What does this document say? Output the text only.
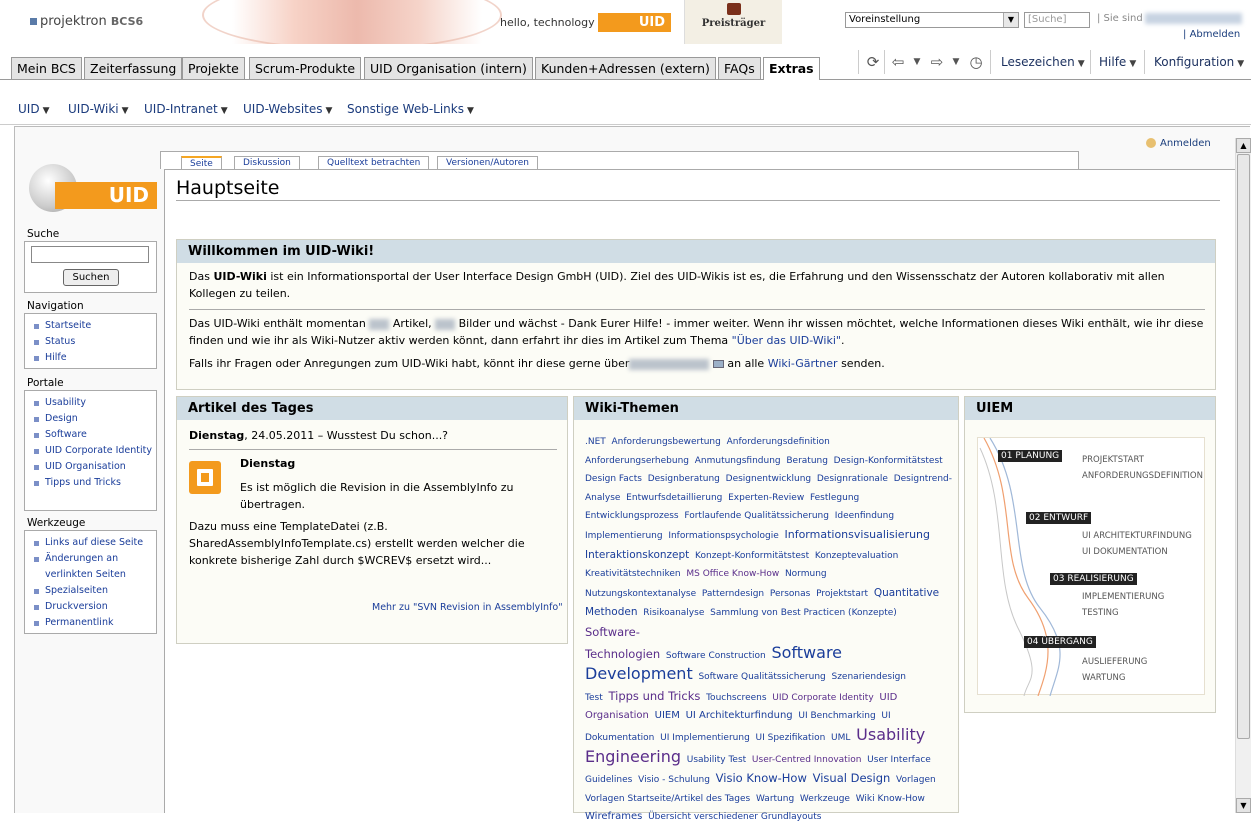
projektron BCS6	hello, technology	UID	Preisträger	Voreinstellung	▼	[Suche]	| Sie sind
| Abmelden
⟳ ⇦	▼ ⇨	▼ ◷	Lesezeichen ▼ Hilfe ▼ Konfiguration ▼
Mein BCS	Zeiterfassung Projekte	Scrum-Produkte	UID Organisation (intern)	Kunden+Adressen (extern)	FAQs	Extras
UID ▼ UID-Wiki ▼ UID-Intranet ▼ UID-Websites ▼ Sonstige Web-Links ▼
▲
▼
Anmelden
UID
Suche
Suchen
Navigation
Startseite
Status
Hilfe
Portale
Usability
Design
Software
UID Corporate Identity
UID Organisation
Tipps und Tricks
Werkzeuge
Links auf diese Seite
Änderungen an verlinkten Seiten
Spezialseiten
Druckversion
Permanentlink
Seite	Diskussion	Quelltext betrachten	Versionen/Autoren
Hauptseite
Willkommen im UID-Wiki!
Das UID-Wiki ist ein Informationsportal der User Interface Design GmbH (UID). Ziel des UID-Wikis ist es, die Erfahrung und den Wissensschatz der Autoren kollaborativ mit allen Kollegen zu teilen.
Das UID-Wiki enthält momentan Artikel, Bilder und wächst - Dank Eurer Hilfe! - immer weiter. Wenn ihr wissen möchtet, welche Informationen dieses Wiki enthält, wie ihr diese finden und wie ihr als Wiki-Nutzer aktiv werden könnt, dann erfahrt ihr dies im Artikel zum Thema "Über das UID-Wiki".
Falls ihr Fragen oder Anregungen zum UID-Wiki habt, könnt ihr diese gerne über	an alle Wiki-Gärtner senden.
Artikel des Tages
Dienstag, 24.05.2011 – Wusstest Du schon...?
Dienstag
Es ist möglich die Revision in die AssemblyInfo zu übertragen.
Dazu muss eine TemplateDatei (z.B. SharedAssemblyInfoTemplate.cs) erstellt werden welcher die konkrete bisherige Zahl durch $WCREV$ ersetzt wird...
Mehr zu "SVN Revision in AssemblyInfo"
Wiki-Themen
.NET Anforderungsbewertung Anforderungsdefinition
Anforderungserhebung Anmutungsfindung Beratung Design-Konformitätstest
Design Facts Designberatung Designentwicklung Designrationale Designtrend-
Analyse Entwurfsdetaillierung Experten-Review Festlegung
Entwicklungsprozess Fortlaufende Qualitätssicherung Ideenfindung
Implementierung Informationspsychologie Informationsvisualisierung
Interaktionskonzept Konzept-Konformitätstest Konzeptevaluation
Kreativitätstechniken MS Office Know-How Normung
Nutzungskontextanalyse Patterndesign Personas Projektstart Quantitative
Methoden Risikoanalyse Sammlung von Best Practicen (Konzepte)  Software-
Technologien Software Construction Software
Development Software Qualitätssicherung Szenariendesign
Test Tipps und Tricks Touchscreens UID Corporate Identity UID
Organisation UIEM UI Architekturfindung UI Benchmarking UI
Dokumentation UI Implementierung UI Spezifikation UML Usability
Engineering Usability Test User-Centred Innovation User Interface
Guidelines Visio - Schulung Visio Know-How Visual Design Vorlagen
Vorlagen Startseite/Artikel des Tages Wartung Werkzeuge Wiki Know-How
Wireframes Übersicht verschiedener Grundlayouts
UIEM
01 PLANUNG	PROJEKTSTART
ANFORDERUNGSDEFINITION
02 ENTWURF
UI ARCHITEKTURFINDUNG
UI DOKUMENTATION
03 REALISIERUNG
IMPLEMENTIERUNG
TESTING
04 ÜBERGANG
AUSLIEFERUNG
WARTUNG
